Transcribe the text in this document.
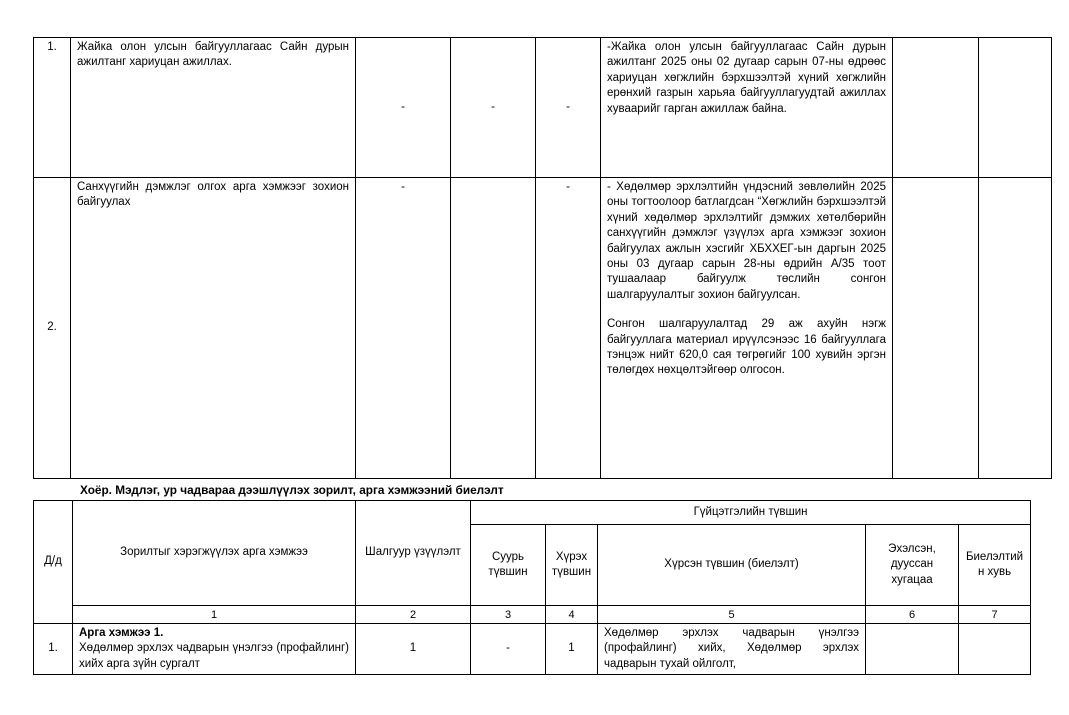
1.	Жайка олон улсын байгууллагаас Сайн дурын ажилтанг хариуцан ажиллах.	-	-	-	-Жайка олон улсын байгууллагаас Сайн дурын ажилтанг 2025 оны 02 дугаар сарын 07-ны өдрөөс хариуцан хөгжлийн бэрхшээлтэй хүний хөгжлийн ерөнхий газрын харьяа байгууллагуудтай ажиллах хуваарийг гарган ажиллаж байна.		
2.	Санхүүгийн дэмжлэг олгох арга хэмжээг зохион байгуулах	-		-	- Хөдөлмөр эрхлэлтийн үндэсний зөвлөлийн 2025 оны тогтоолоор батлагдсан “Хөгжлийн бэрхшээлтэй хүний хөдөлмөр эрхлэлтийг дэмжих хөтөлбөрийн санхүүгийн дэмжлэг үзүүлэх арга хэмжээг зохион байгуулах ажлын хэсгийг ХБХХЕГ-ын даргын 2025 оны 03 дугаар сарын 28-ны өдрийн А/35 тоот тушаалаар байгуулж төслийн сонгон шалгаруулалтыг зохион байгуулсан.
Сонгон шалгаруулалтад 29 аж ахуйн нэгж байгууллага материал ирүүлсэнээс 16 байгууллага тэнцэж нийт 620,0 сая төгрөгийг 100 хувийн эргэн төлөгдөх нөхцөлтэйгөөр олгосон.		

Хоёр. Мэдлэг, ур чадвараа дээшлүүлэх зорилт, арга хэмжээний биелэлт
Д/д	Зорилтыг хэрэгжүүлэх арга хэмжээ	Шалгуур үзүүлэлт	Гүйцэтгэлийн түвшин				
			Суурь түвшин	Хүрэх түвшин	Хүрсэн түвшин (биелэлт)	Эхэлсэн, дууссан хугацаа	Биелэлтийн хувь
	1	2	3	4	5	6	7
1.	Арга хэмжээ 1.
Хөдөлмөр эрхлэх чадварын үнэлгээ (профайлинг) хийх арга зүйн сургалт	1	-	1	Хөдөлмөр эрхлэх чадварын үнэлгээ (профайлинг) хийх, Хөдөлмөр эрхлэх чадварын тухай ойлголт,		
